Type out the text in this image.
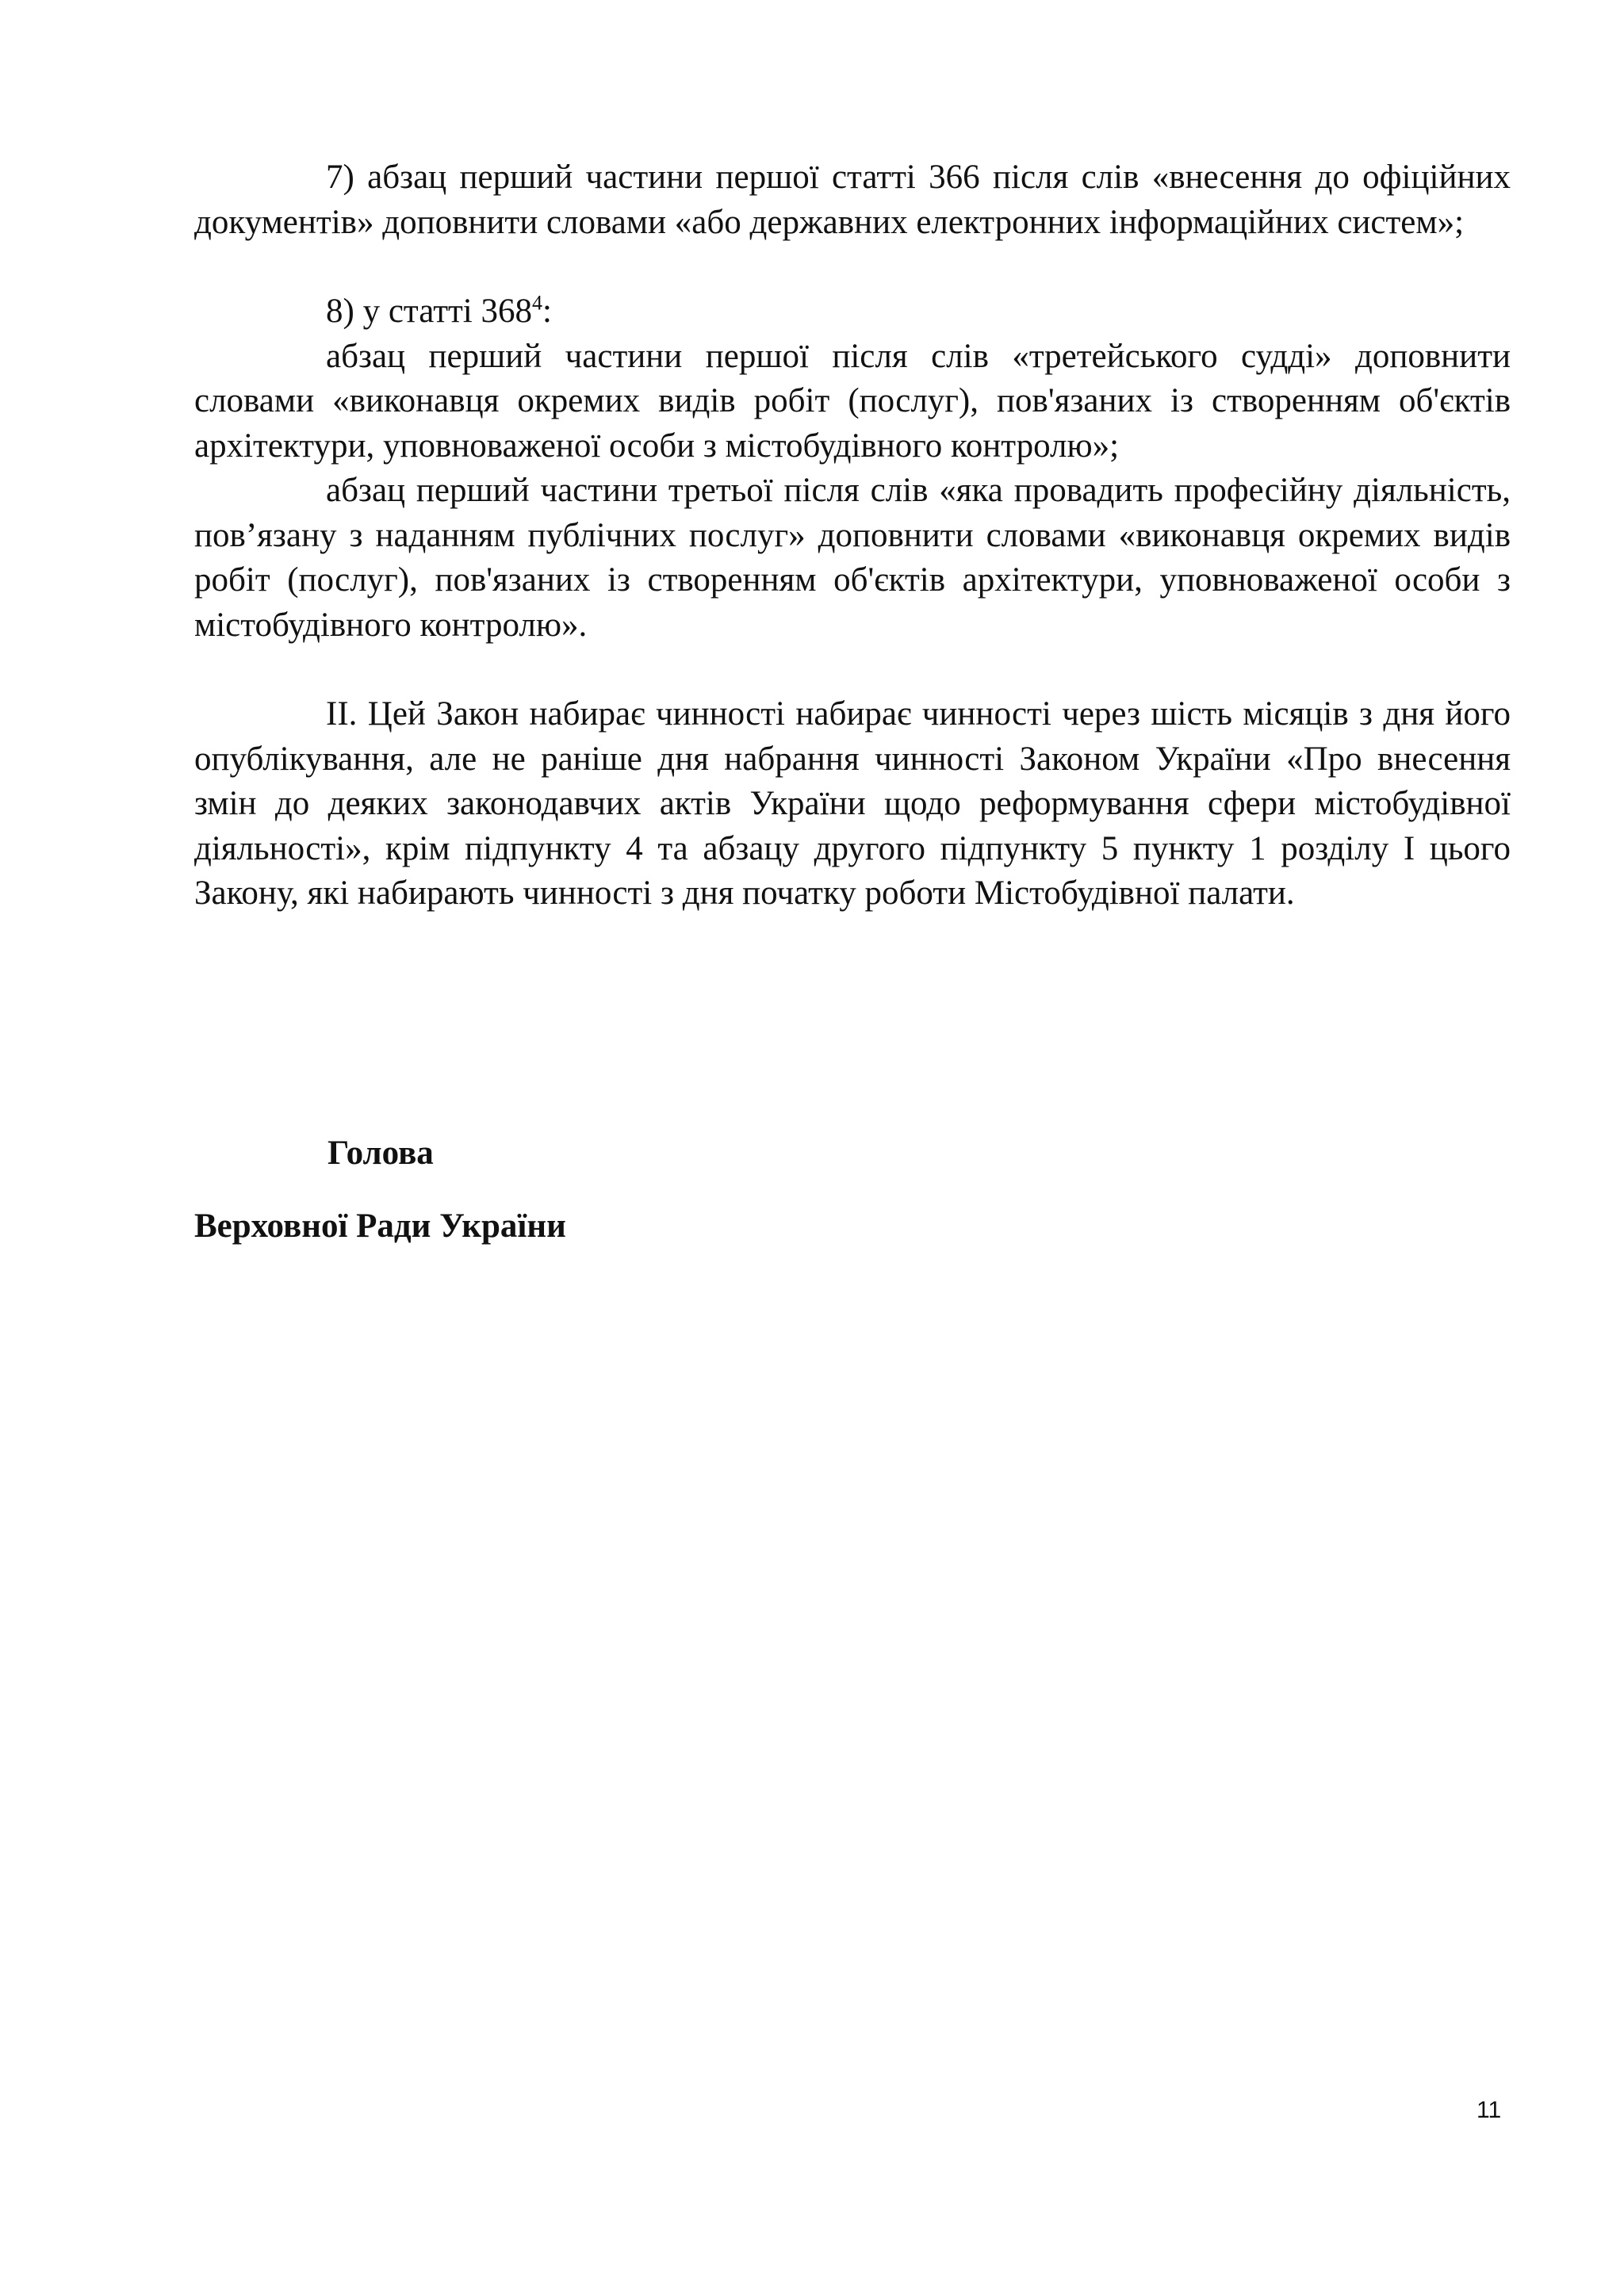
7) абзац перший частини першої статті 366 після слів «внесення до офіційних документів» доповнити словами «або державних електронних інформаційних систем»;

8) у статті $368^4$:

абзац перший частини першої після слів «третейського судді» доповнити словами «виконавця окремих видів робіт (послуг), пов'язаних із створенням об'єктів архітектури, уповноваженої особи з містобудівного контролю»;

абзац перший частини третьої після слів «яка провадить професійну діяльність, пов’язану з наданням публічних послуг» доповнити словами «виконавця окремих видів робіт (послуг), пов'язаних із створенням об'єктів архітектури, уповноваженої особи з містобудівного контролю».

II. Цей Закон набирає чинності набирає чинності через шість місяців з дня його опублікування, але не раніше дня набрання чинності Законом України «Про внесення змін до деяких законодавчих актів України щодо реформування сфери містобудівної діяльності», крім підпункту 4 та абзацу другого підпункту 5 пункту 1 розділу I цього Закону, які набирають чинності з дня початку роботи Містобудівної палати.

Голова

Верховної Ради України

11
